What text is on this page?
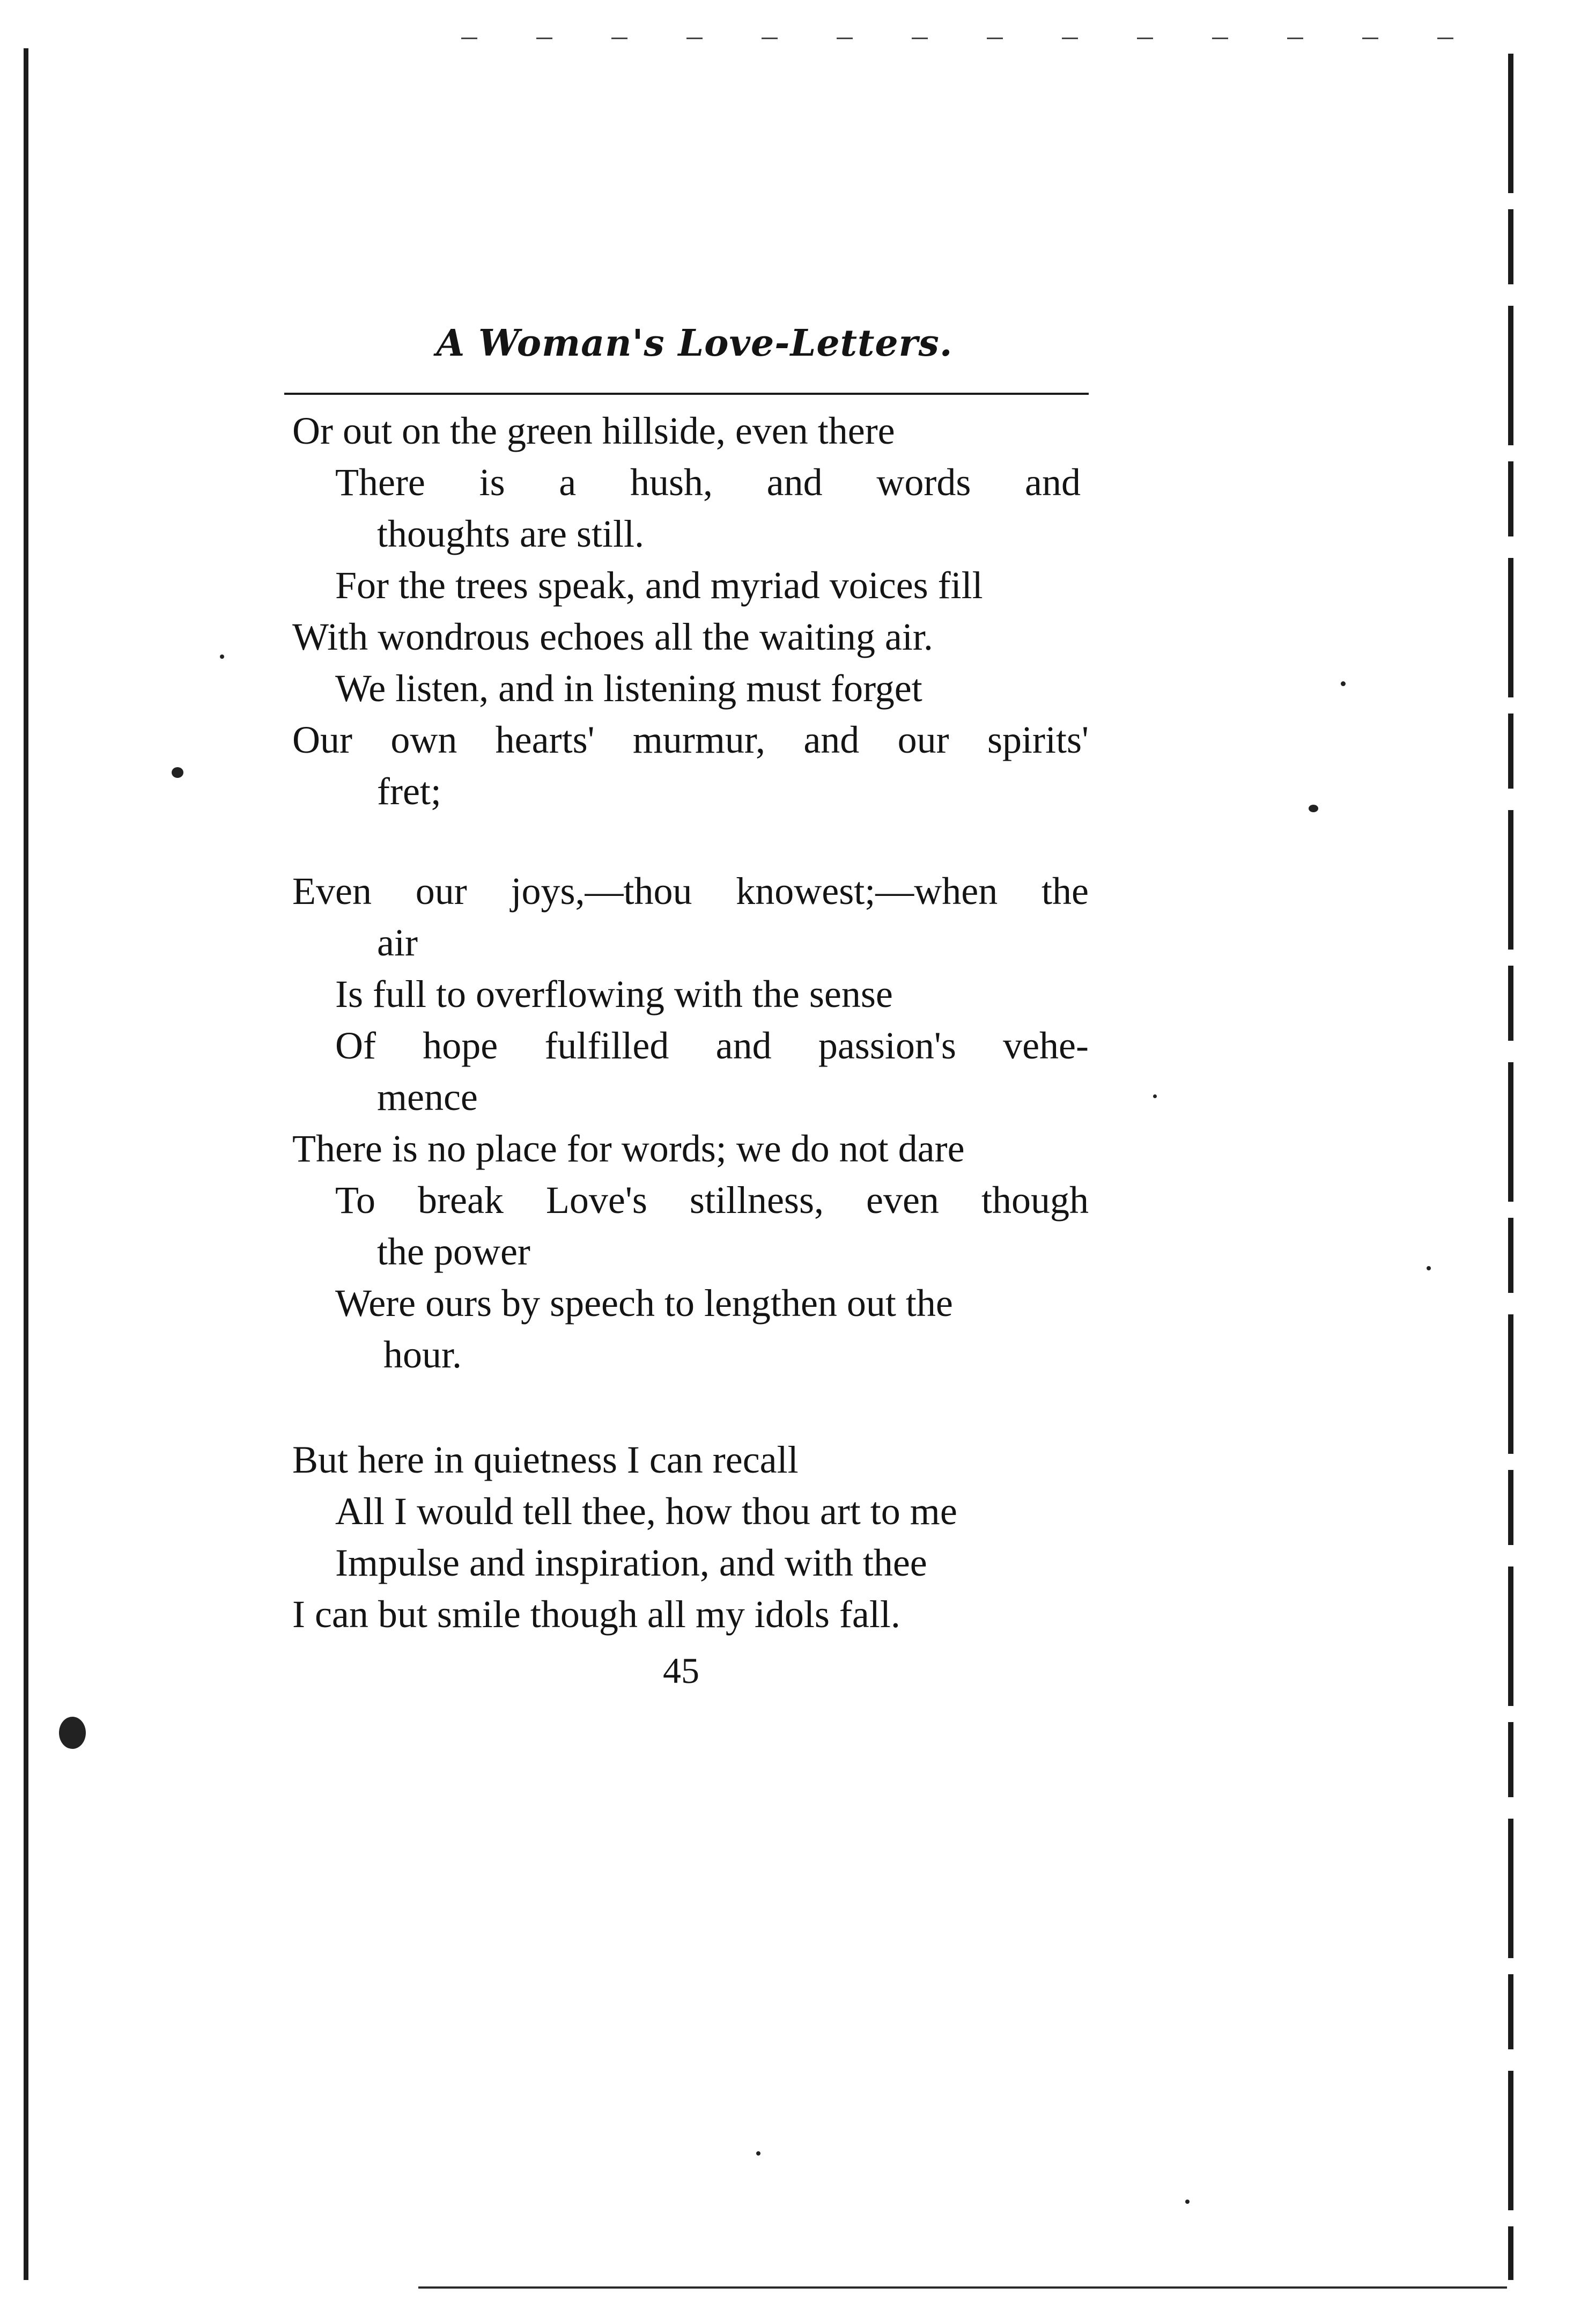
A Woman's Love-Letters.
Or out on the green hillside, even there
There is a hush, and words and
thoughts are still.
For the trees speak, and myriad voices fill
With wondrous echoes all the waiting air.
We listen, and in listening must forget
Our own hearts' murmur, and our spirits'
fret;
Even our joys,—thou knowest;—when the
air
Is full to overflowing with the sense
Of hope fulfilled and passion's vehe-
mence
There is no place for words; we do not dare
To break Love's stillness, even though
the power
Were ours by speech to lengthen out the
hour.
But here in quietness I can recall
All I would tell thee, how thou art to me
Impulse and inspiration, and with thee
I can but smile though all my idols fall.
45
